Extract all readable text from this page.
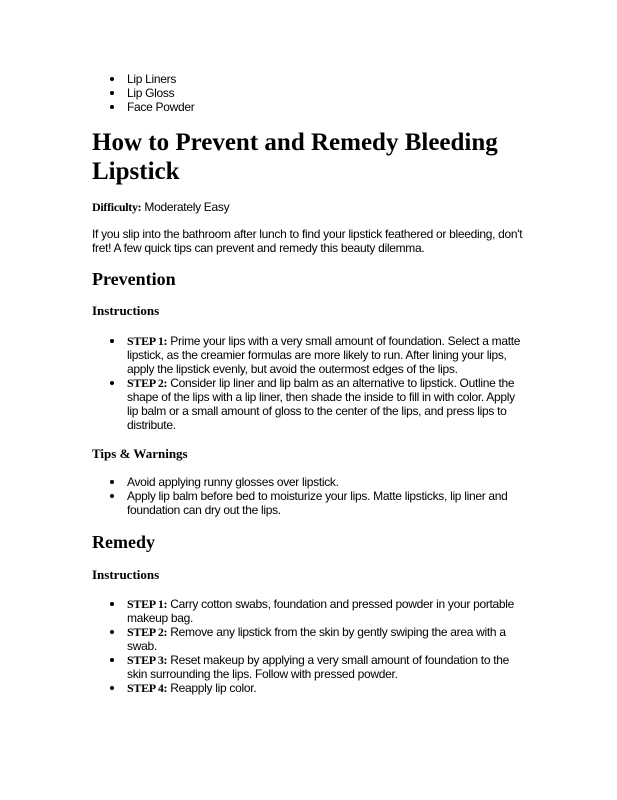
Lip Liners
Lip Gloss
Face Powder
How to Prevent and Remedy Bleeding Lipstick
Difficulty: Moderately Easy

If you slip into the bathroom after lunch to find your lipstick feathered or bleeding, don't fret! A few quick tips can prevent and remedy this beauty dilemma.

Prevention
Instructions
STEP 1: Prime your lips with a very small amount of foundation. Select a matte lipstick, as the creamier formulas are more likely to run. After lining your lips, apply the lipstick evenly, but avoid the outermost edges of the lips.
STEP 2: Consider lip liner and lip balm as an alternative to lipstick. Outline the shape of the lips with a lip liner, then shade the inside to fill in with color. Apply lip balm or a small amount of gloss to the center of the lips, and press lips to distribute.
Tips & Warnings
Avoid applying runny glosses over lipstick.
Apply lip balm before bed to moisturize your lips. Matte lipsticks, lip liner and foundation can dry out the lips.
Remedy
Instructions
STEP 1: Carry cotton swabs, foundation and pressed powder in your portable makeup bag.
STEP 2: Remove any lipstick from the skin by gently swiping the area with a swab.
STEP 3: Reset makeup by applying a very small amount of foundation to the skin surrounding the lips. Follow with pressed powder.
STEP 4: Reapply lip color.
